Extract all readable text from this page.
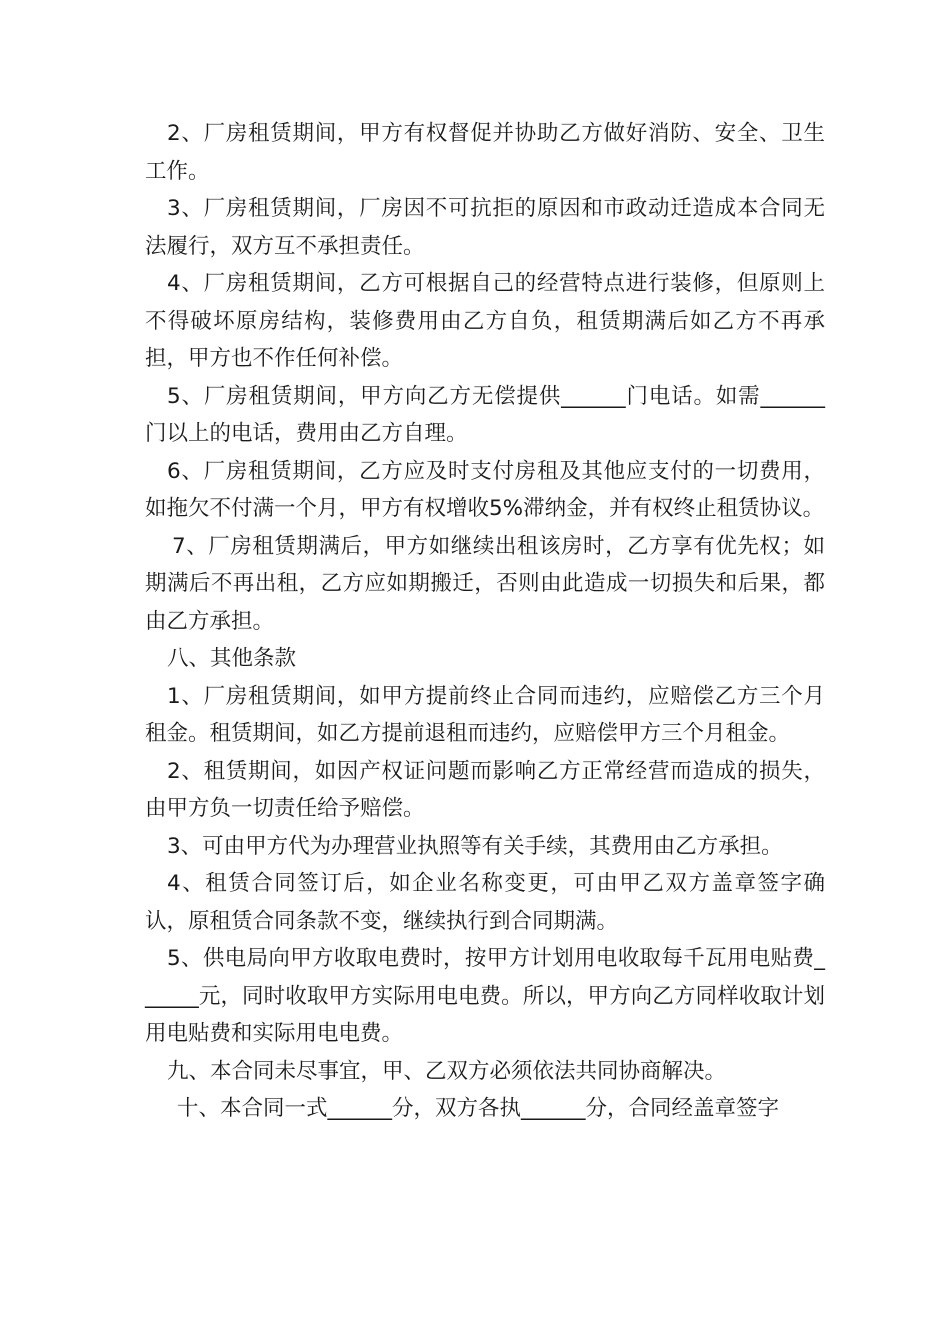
2、厂房租赁期间，甲方有权督促并协助乙方做好消防、安全、卫生工作。

3、厂房租赁期间，厂房因不可抗拒的原因和市政动迁造成本合同无法履行，双方互不承担责任。

4、厂房租赁期间，乙方可根据自己的经营特点进行装修，但原则上不得破坏原房结构，装修费用由乙方自负，租赁期满后如乙方不再承担，甲方也不作任何补偿。

5、厂房租赁期间，甲方向乙方无偿提供______门电话。如需______门以上的电话，费用由乙方自理。

6、厂房租赁期间，乙方应及时支付房租及其他应支付的一切费用，如拖欠不付满一个月，甲方有权增收5%滞纳金，并有权终止租赁协议。

7、厂房租赁期满后，甲方如继续出租该房时，乙方享有优先权；如期满后不再出租，乙方应如期搬迁，否则由此造成一切损失和后果，都由乙方承担。

八、其他条款

1、厂房租赁期间，如甲方提前终止合同而违约，应赔偿乙方三个月租金。租赁期间，如乙方提前退租而违约，应赔偿甲方三个月租金。

2、租赁期间，如因产权证问题而影响乙方正常经营而造成的损失，由甲方负一切责任给予赔偿。

3、可由甲方代为办理营业执照等有关手续，其费用由乙方承担。

4、租赁合同签订后，如企业名称变更，可由甲乙双方盖章签字确认，原租赁合同条款不变，继续执行到合同期满。

5、供电局向甲方收取电费时，按甲方计划用电收取每千瓦用电贴费______元，同时收取甲方实际用电电费。所以，甲方向乙方同样收取计划用电贴费和实际用电电费。

九、本合同未尽事宜，甲、乙双方必须依法共同协商解决。

十、本合同一式______分，双方各执______分，合同经盖章签字
